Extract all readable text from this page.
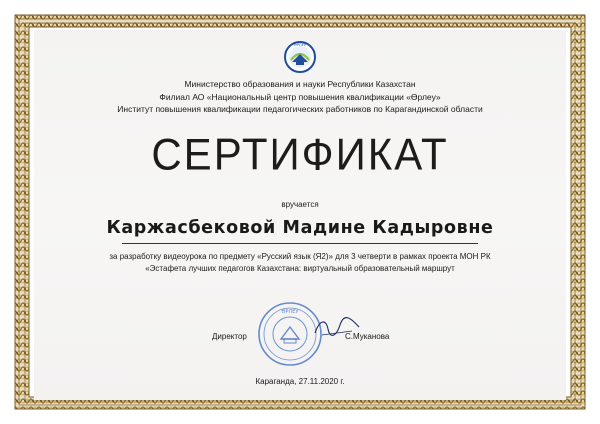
ӨРЛЕУ
Министерство образования и науки Республики Казахстан
Филиал АО «Национальный центр повышения квалификации «Өрлеу»
Институт повышения квалификации педагогических работников по Карагандинской области
СЕРТИФИКАТ
вручается
Каржасбековой Мадине Кадыровне
за разработку видеоурока по предмету «Русский язык (Я2)» для 3 четверти в рамках проекта МОН РК
«Эстафета лучших педагогов Казахстана: виртуальный образовательный маршрут
Директор
ӨРЛЕУ
С.Муканова
Караганда, 27.11.2020 г.
